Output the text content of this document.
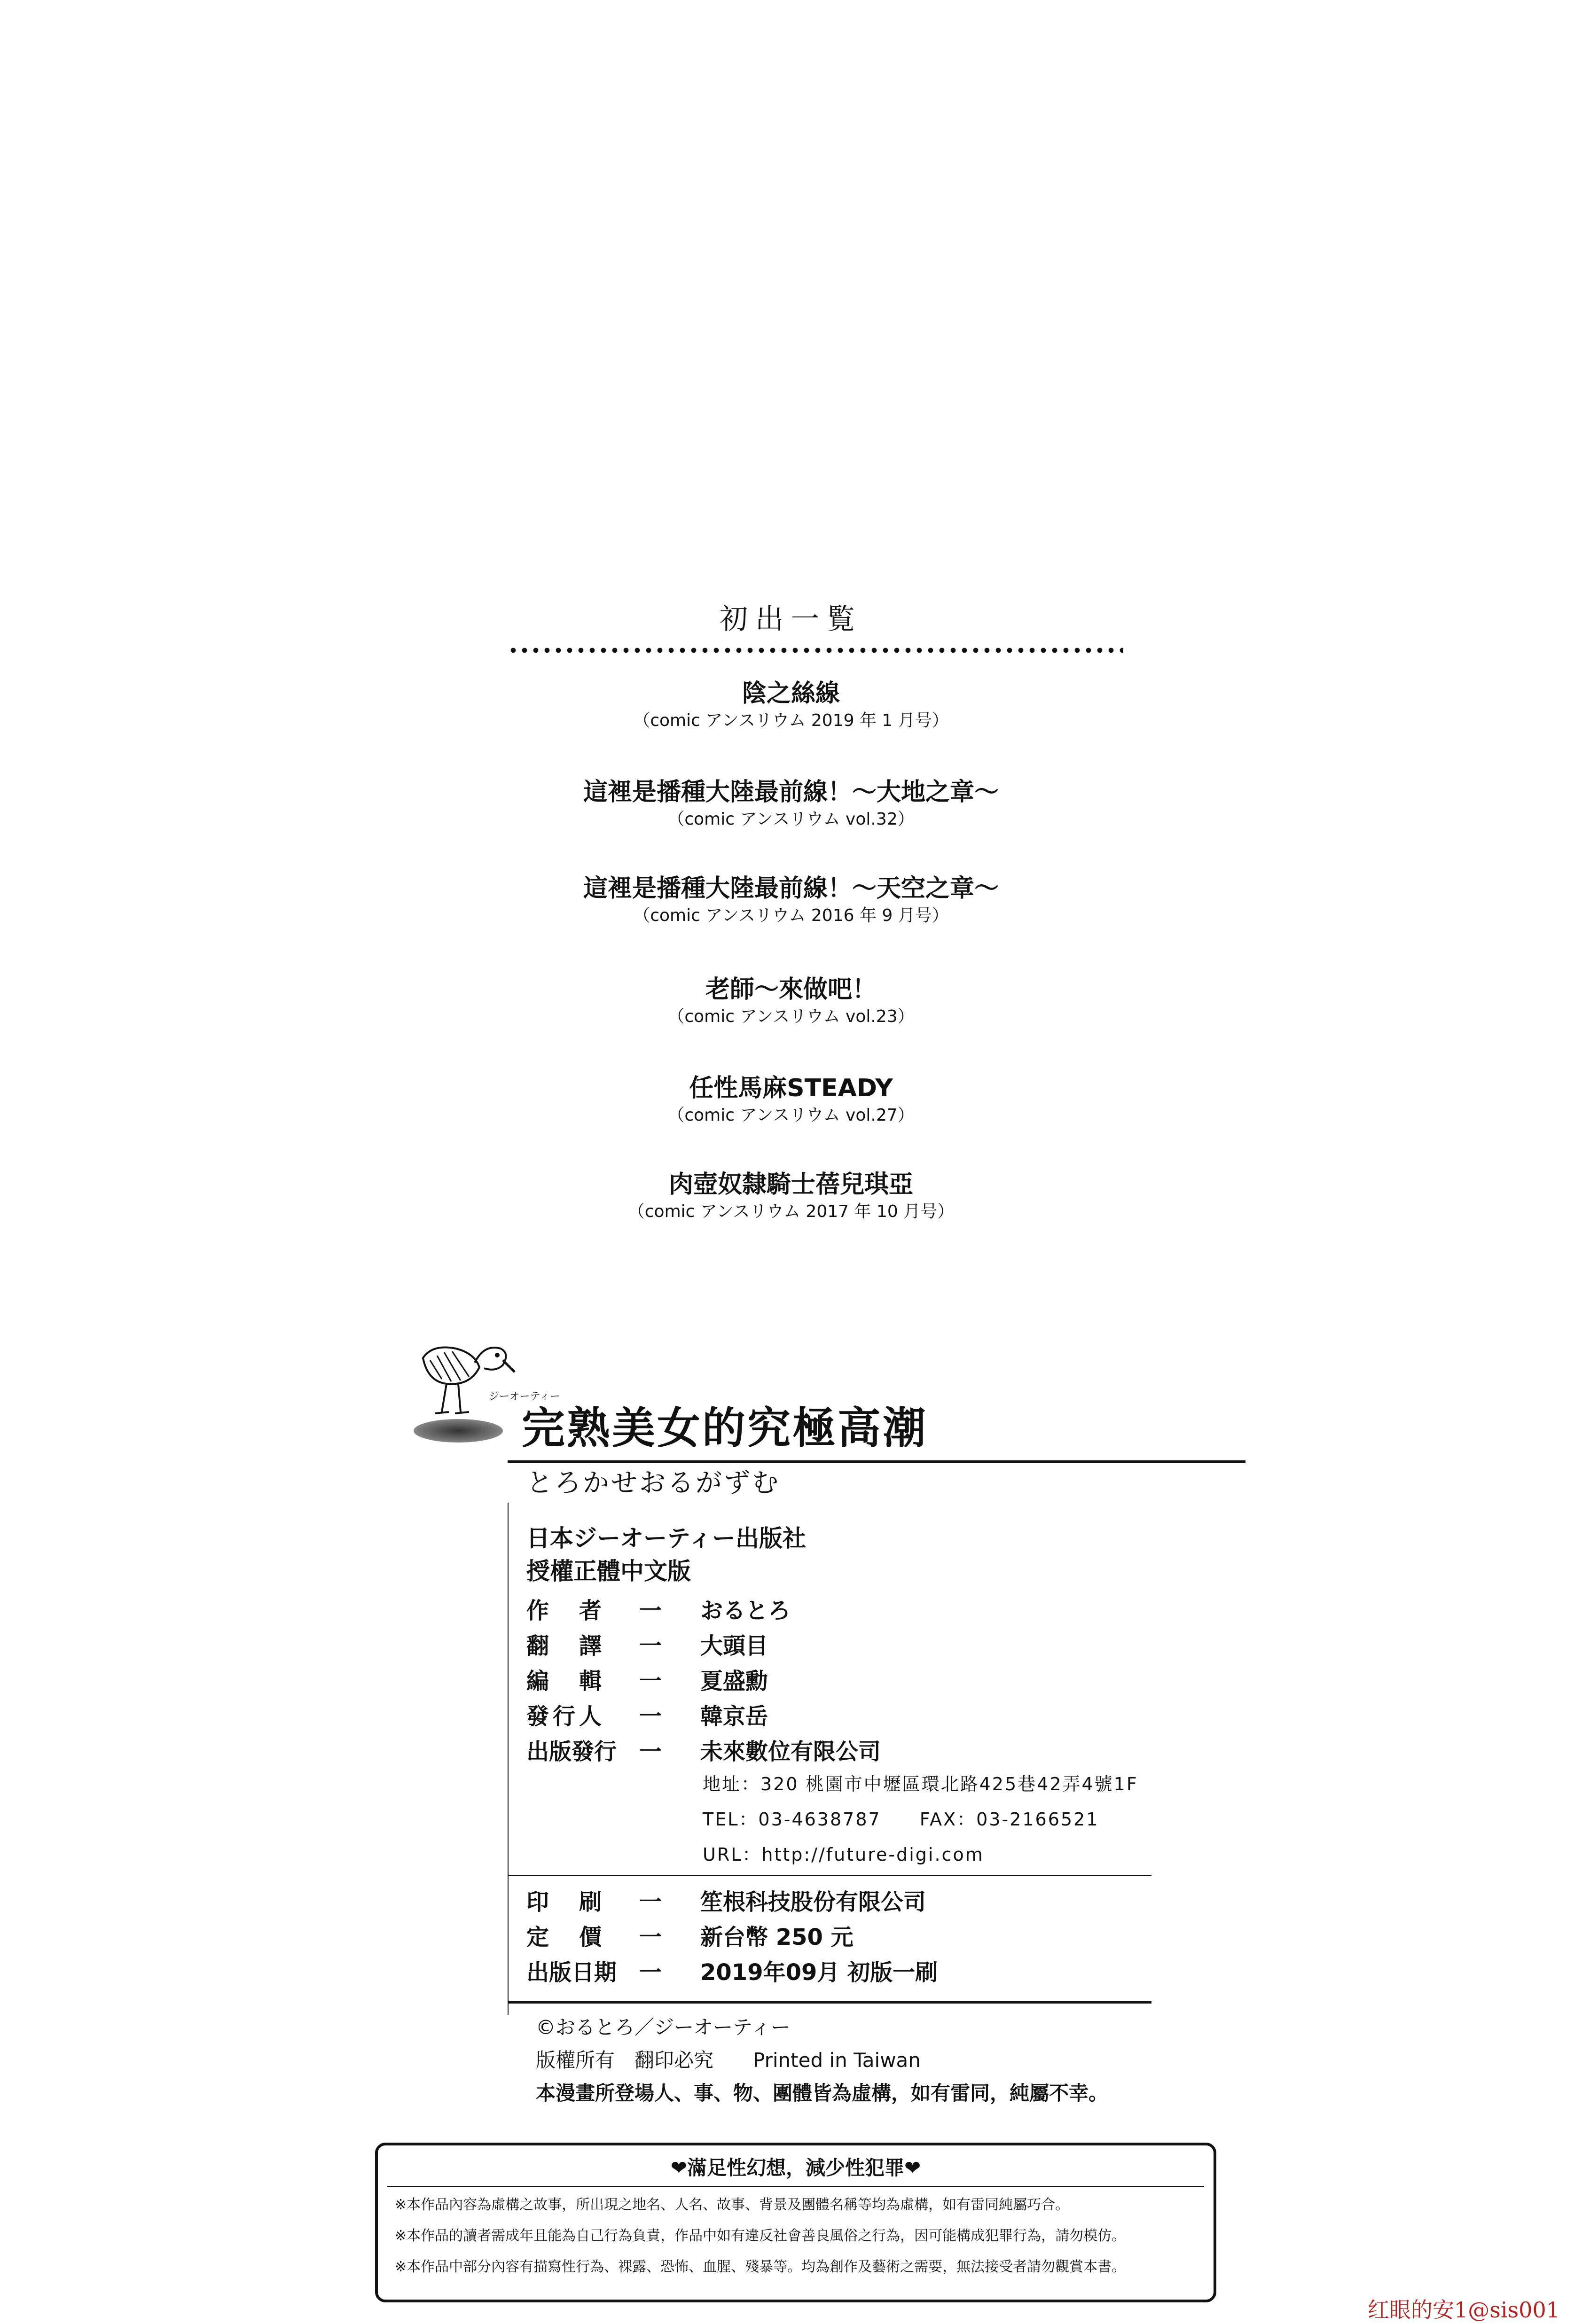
初出一覧
陰之絲線
（comic アンスリウム 2019 年 1 月号）
這裡是播種大陸最前線！～大地之章～
（comic アンスリウム vol.32）
這裡是播種大陸最前線！～天空之章～
（comic アンスリウム 2016 年 9 月号）
老師～來做吧！
（comic アンスリウム vol.23）
任性馬麻STEADY
（comic アンスリウム vol.27）
肉壺奴隸騎士蓓兒琪亞
（comic アンスリウム 2017 年 10 月号）
ジーオーティー
完熟美女的究極高潮
とろかせおるがずむ
日本ジーオーティー出版社
授權正體中文版
作　者 一 おるとろ
翻　譯 一 大頭目
編　輯 一 夏盛勳
發行人 一 韓京岳
出版發行 一 未來數位有限公司
地址：320 桃園市中壢區環北路425巷42弄4號1F
TEL：03-4638787　　FAX：03-2166521
URL：http://future-digi.com
印　刷 一 笙根科技股份有限公司
定　價 一 新台幣 250 元
出版日期 一 2019年09月 初版一刷
©おるとろ／ジーオーティー
版權所有　翻印必究　　Printed in Taiwan
本漫畫所登場人、事、物、團體皆為虛構，如有雷同，純屬不幸。
❤滿足性幻想，減少性犯罪❤
※本作品內容為虛構之故事，所出現之地名、人名、故事、背景及團體名稱等均為虛構，如有雷同純屬巧合。
※本作品的讀者需成年且能為自己行為負責，作品中如有違反社會善良風俗之行為，因可能構成犯罪行為，請勿模仿。
※本作品中部分內容有描寫性行為、裸露、恐怖、血腥、殘暴等。均為創作及藝術之需要，無法接受者請勿觀賞本書。
红眼的安1@sis001
